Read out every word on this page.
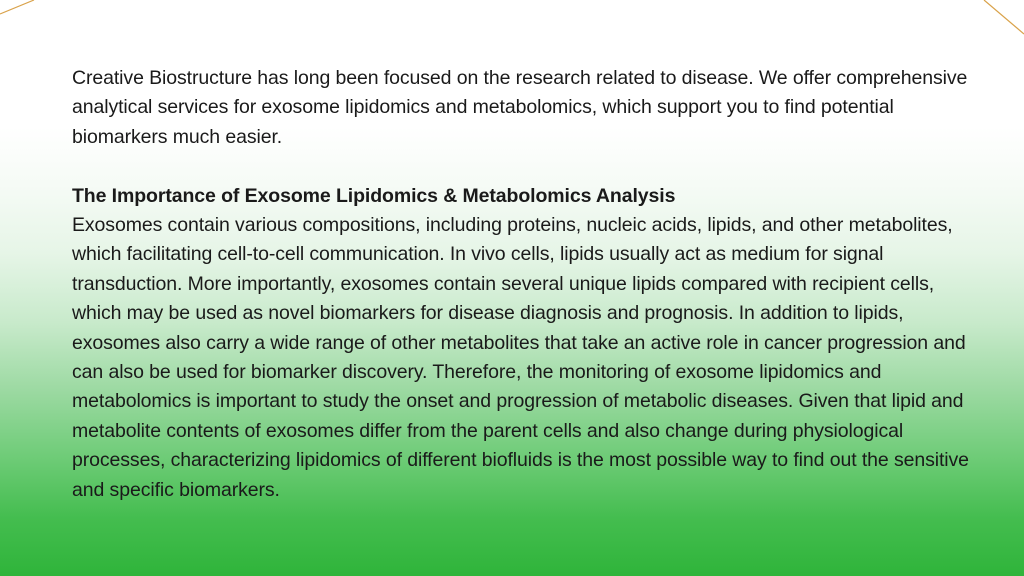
Creative Biostructure has long been focused on the research related to disease. We offer comprehensive analytical services for exosome lipidomics and metabolomics, which support you to find potential biomarkers much easier.

The Importance of Exosome Lipidomics & Metabolomics Analysis

Exosomes contain various compositions, including proteins, nucleic acids, lipids, and other metabolites, which facilitating cell-to-cell communication. In vivo cells, lipids usually act as medium for signal transduction. More importantly, exosomes contain several unique lipids compared with recipient cells, which may be used as novel biomarkers for disease diagnosis and prognosis. In addition to lipids, exosomes also carry a wide range of other metabolites that take an active role in cancer progression and can also be used for biomarker discovery. Therefore, the monitoring of exosome lipidomics and metabolomics is important to study the onset and progression of metabolic diseases. Given that lipid and metabolite contents of exosomes differ from the parent cells and also change during physiological processes, characterizing lipidomics of different biofluids is the most possible way to find out the sensitive and specific biomarkers.
